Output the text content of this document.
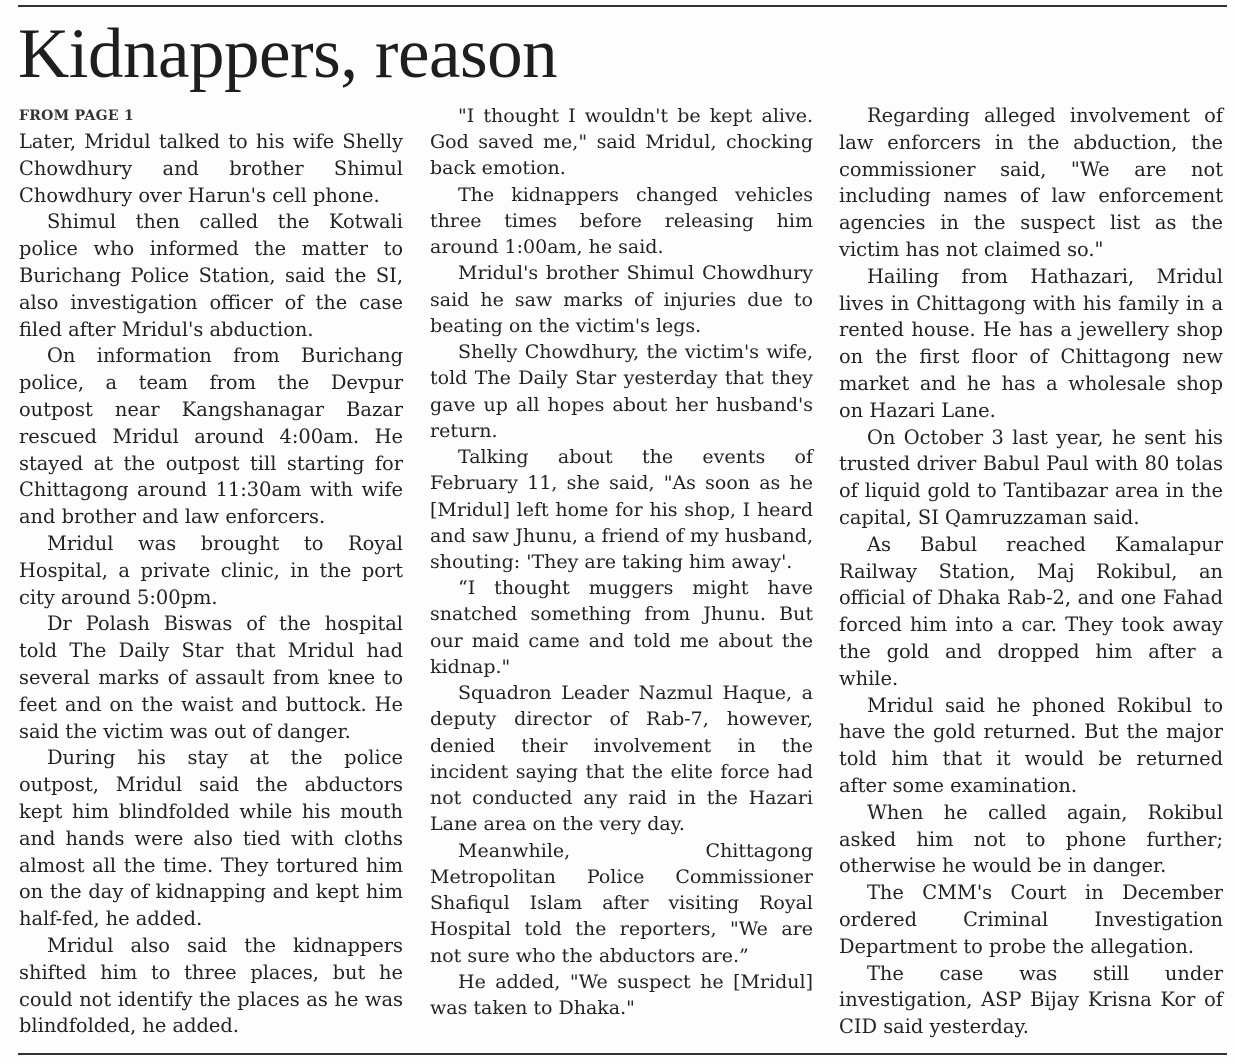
Kidnappers, reason
FROM PAGE 1

Later, Mridul talked to his wife Shelly Chowdhury and brother Shimul Chowdhury over Harun's cell phone.

Shimul then called the Kotwali police who informed the matter to Burichang Police Station, said the SI, also investigation officer of the case filed after Mridul's abduction.

On information from Burichang police, a team from the Devpur outpost near Kangshanagar Bazar rescued Mridul around 4:00am. He stayed at the outpost till starting for Chittagong around 11:30am with wife and brother and law enforcers.

Mridul was brought to Royal Hospital, a private clinic, in the port city around 5:00pm.

Dr Polash Biswas of the hospital told The Daily Star that Mridul had several marks of assault from knee to feet and on the waist and buttock. He said the victim was out of danger.

During his stay at the police outpost, Mridul said the abductors kept him blindfolded while his mouth and hands were also tied with cloths almost all the time. They tortured him on the day of kidnapping and kept him half-fed, he added.

Mridul also said the kidnappers shifted him to three places, but he could not identify the places as he was blindfolded, he added.

"I thought I wouldn't be kept alive. God saved me," said Mridul, chocking back emotion.

The kidnappers changed vehicles three times before releasing him around 1:00am, he said.

Mridul's brother Shimul Chowdhury said he saw marks of injuries due to beating on the victim's legs.

Shelly Chowdhury, the victim's wife, told The Daily Star yesterday that they gave up all hopes about her husband's return.

Talking about the events of February 11, she said, "As soon as he [Mridul] left home for his shop, I heard and saw Jhunu, a friend of my husband, shouting: 'They are taking him away'.

“I thought muggers might have snatched something from Jhunu. But our maid came and told me about the kidnap."

Squadron Leader Nazmul Haque, a deputy director of Rab-7, however, denied their involvement in the incident saying that the elite force had not conducted any raid in the Hazari Lane area on the very day.

Meanwhile, Chittagong Metropolitan Police Commissioner Shafiqul Islam after visiting Royal Hospital told the reporters, "We are not sure who the abductors are.”

He added, "We suspect he [Mridul] was taken to Dhaka."

Regarding alleged involvement of law enforcers in the abduction, the commissioner said, "We are not including names of law enforcement agencies in the suspect list as the victim has not claimed so."

Hailing from Hathazari, Mridul lives in Chittagong with his family in a rented house. He has a jewellery shop on the first floor of Chittagong new market and he has a wholesale shop on Hazari Lane.

On October 3 last year, he sent his trusted driver Babul Paul with 80 tolas of liquid gold to Tantibazar area in the capital, SI Qamruzzaman said.

As Babul reached Kamalapur Railway Station, Maj Rokibul, an official of Dhaka Rab-2, and one Fahad forced him into a car. They took away the gold and dropped him after a while.

Mridul said he phoned Rokibul to have the gold returned. But the major told him that it would be returned after some examination.

When he called again, Rokibul asked him not to phone further; otherwise he would be in danger.

The CMM's Court in December ordered Criminal Investigation Department to probe the allegation.

The case was still under investigation, ASP Bijay Krisna Kor of CID said yesterday.
